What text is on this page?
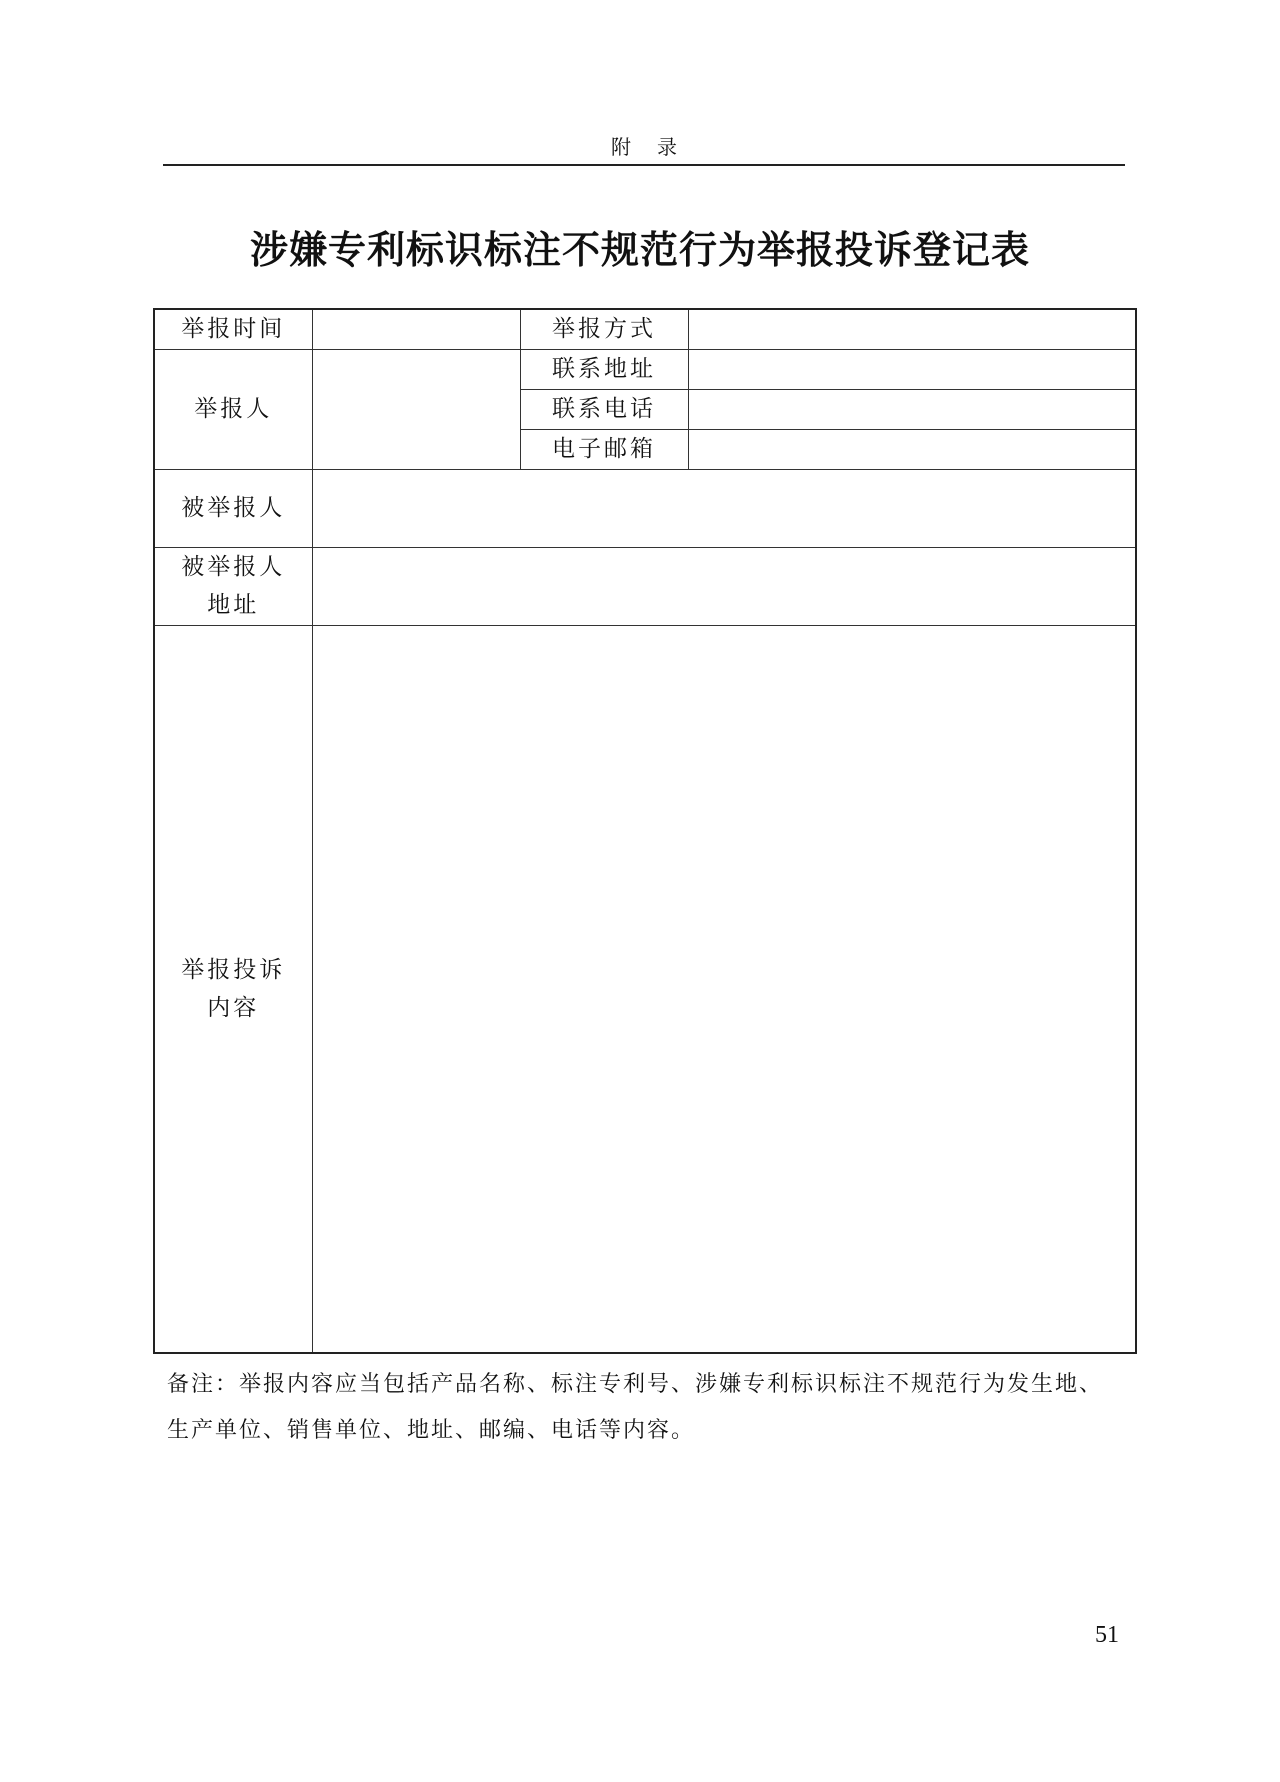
附录
涉嫌专利标识标注不规范行为举报投诉登记表
举报时间		举报方式	
举报人		联系地址	
		联系电话	
		电子邮箱	
被举报人			

被举报人
地址			

举报投诉
内容			

备注：举报内容应当包括产品名称、标注专利号、涉嫌专利标识标注不规范行为发生地、
生产单位、销售单位、地址、邮编、电话等内容。
51
